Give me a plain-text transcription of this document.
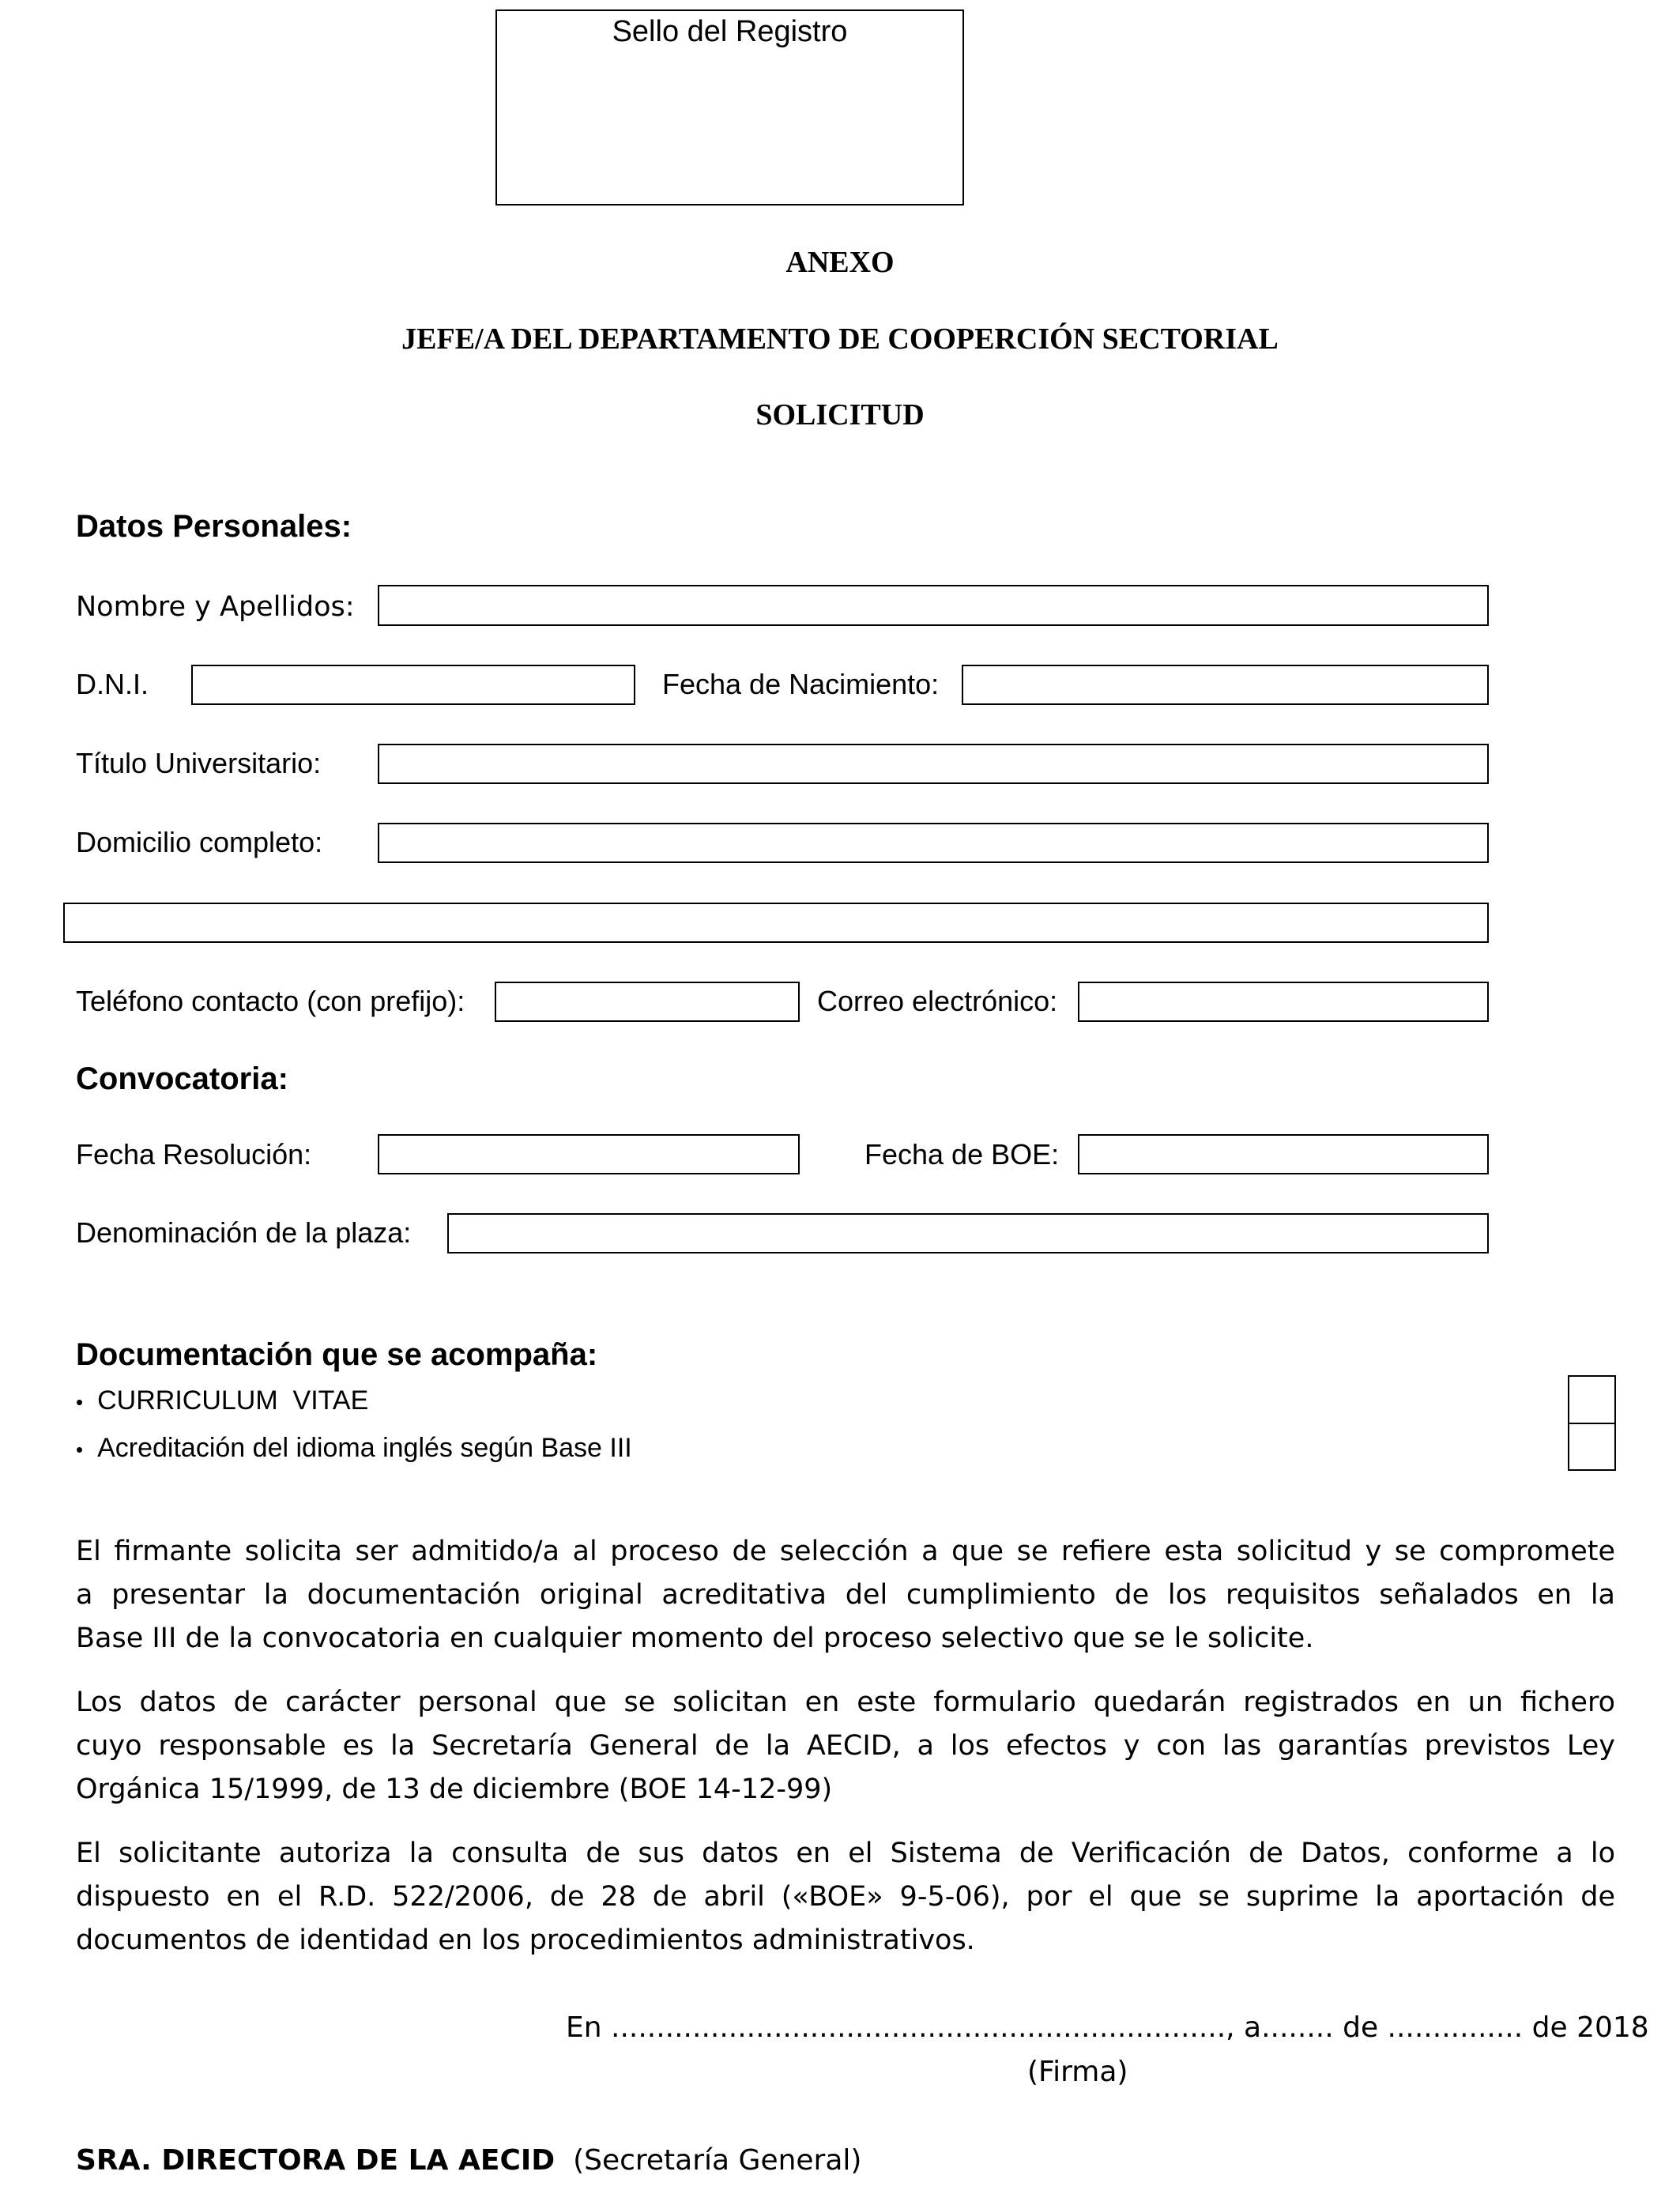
Sello del Registro
ANEXO
JEFE/A DEL DEPARTAMENTO DE COOPERCIÓN SECTORIAL
SOLICITUD
Datos Personales:
Nombre y Apellidos:
D.N.I.	Fecha de Nacimiento:
Título Universitario:
Domicilio completo:
Teléfono contacto (con prefijo):	Correo electrónico:
Convocatoria:
Fecha Resolución:	Fecha de BOE:
Denominación de la plaza:
Documentación que se acompaña:
• CURRICULUM  VITAE
• Acreditación del idioma inglés según Base III
El firmante solicita ser admitido/a al proceso de selección a que se refiere esta solicitud y se compromete
a presentar la documentación original acreditativa del cumplimiento de los requisitos señalados en la
Base III de la convocatoria en cualquier momento del proceso selectivo que se le solicite.
Los datos de carácter personal que se solicitan en este formulario quedarán registrados en un fichero
cuyo responsable es la Secretaría General de la AECID, a los efectos y con las garantías previstos Ley
Orgánica 15/1999, de 13 de diciembre (BOE 14-12-99)
El solicitante autoriza la consulta de sus datos en el Sistema de Verificación de Datos, conforme a lo
dispuesto en el R.D. 522/2006, de 28 de abril («BOE» 9-5-06), por el que se suprime la aportación de
documentos de identidad en los procedimientos administrativos.
En ...................................................................., a........ de ............... de 2018
(Firma)
SRA. DIRECTORA DE LA AECID (Secretaría General)
